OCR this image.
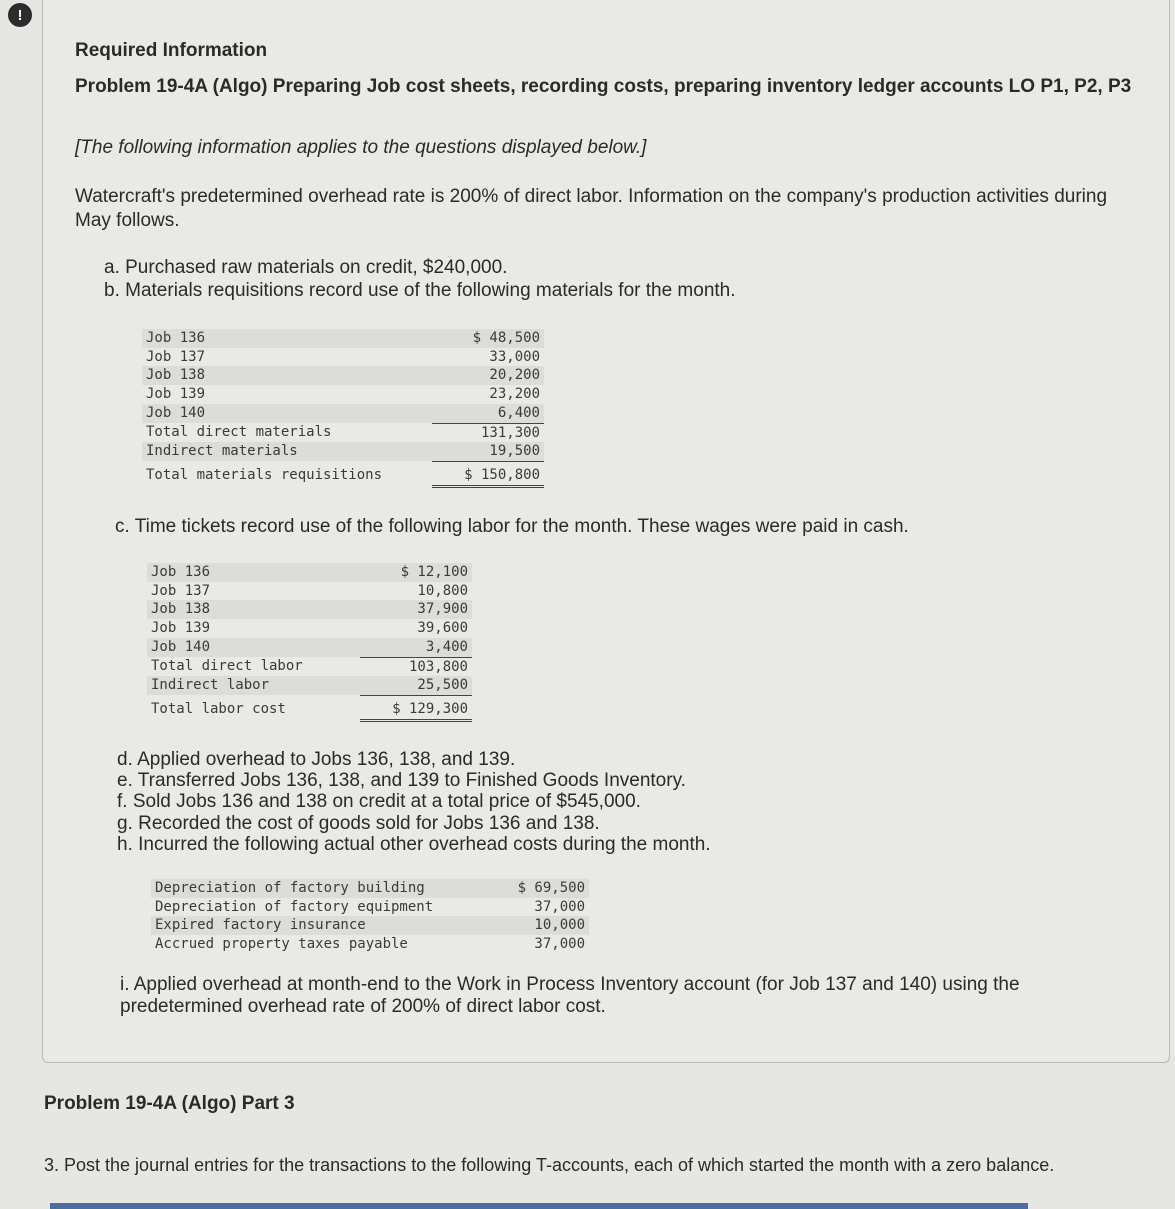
!
Required Information
Problem 19-4A (Algo) Preparing Job cost sheets, recording costs, preparing inventory ledger accounts LO P1, P2, P3
[The following information applies to the questions displayed below.]
Watercraft's predetermined overhead rate is 200% of direct labor. Information on the company's production activities during May follows.
a. Purchased raw materials on credit, $240,000.
b. Materials requisitions record use of the following materials for the month.
Job 136	$ 48,500
Job 137	33,000
Job 138	20,200
Job 139	23,200
Job 140	6,400
Total direct materials	131,300
Indirect materials	19,500
Total materials requisitions	$ 150,800
c. Time tickets record use of the following labor for the month. These wages were paid in cash.
Job 136	$ 12,100
Job 137	10,800
Job 138	37,900
Job 139	39,600
Job 140	3,400
Total direct labor	103,800
Indirect labor	25,500
Total labor cost	$ 129,300
d. Applied overhead to Jobs 136, 138, and 139.
e. Transferred Jobs 136, 138, and 139 to Finished Goods Inventory.
f. Sold Jobs 136 and 138 on credit at a total price of $545,000.
g. Recorded the cost of goods sold for Jobs 136 and 138.
h. Incurred the following actual other overhead costs during the month.
Depreciation of factory building	$ 69,500
Depreciation of factory equipment	37,000
Expired factory insurance	10,000
Accrued property taxes payable	37,000
i. Applied overhead at month-end to the Work in Process Inventory account (for Job 137 and 140) using the predetermined overhead rate of 200% of direct labor cost.
Problem 19-4A (Algo) Part 3
3. Post the journal entries for the transactions to the following T-accounts, each of which started the month with a zero balance.
